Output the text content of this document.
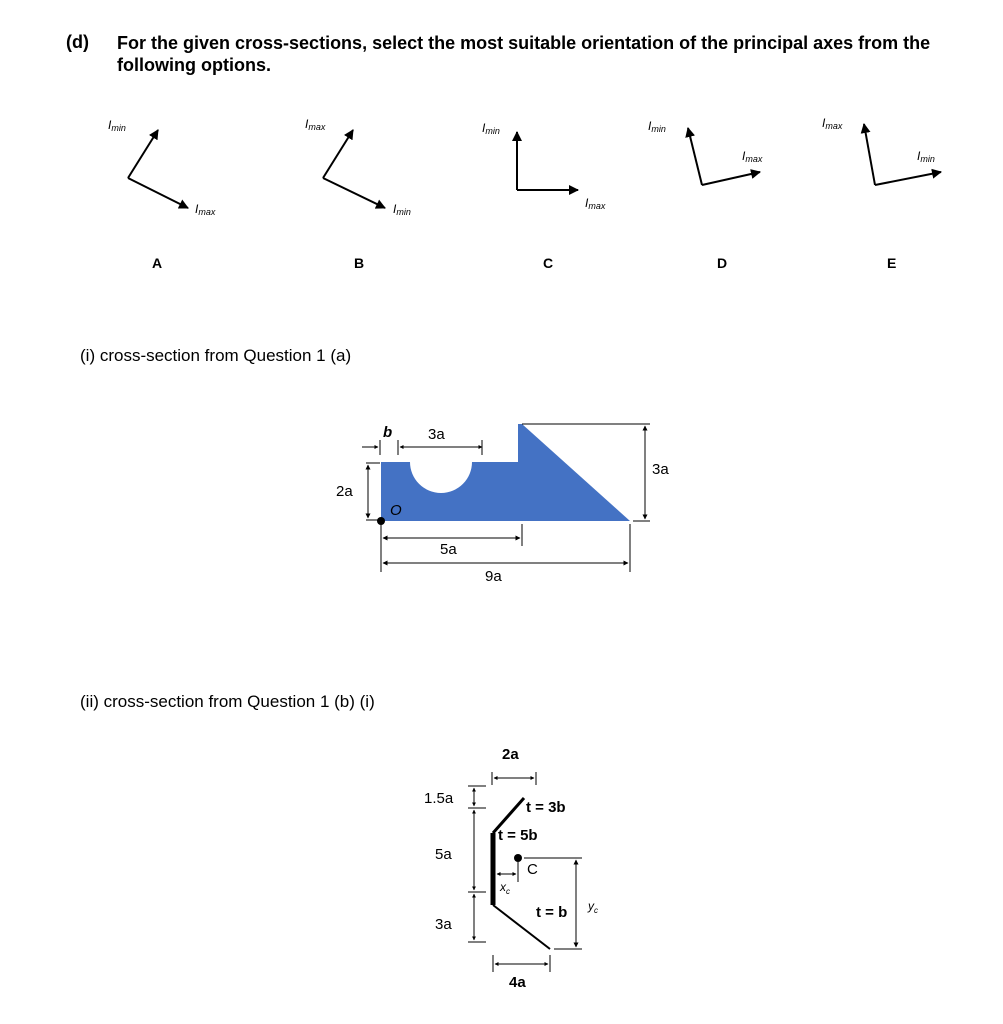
(d) For the given cross-sections, select the most suitable orientation of the principal axes from the following options.
Imin
Imax
A
Imax
Imin
B
Imin
Imax
C
Imin
Imax
D
Imax
Imin
E
3a
2a
b 3a
O
5a
9a
2a
1.5a
5a
3a
t = 3b
t = 5b
t = b
C
$x_c$
$y_c$
4a
(i) cross-section from Question 1 (a)
(ii) cross-section from Question 1 (b) (i)
